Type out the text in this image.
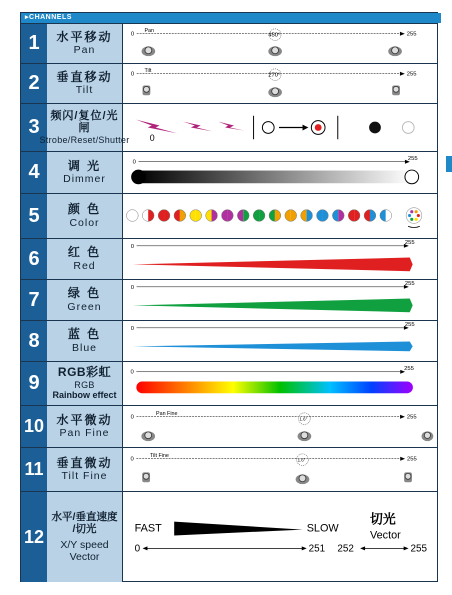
▸CHANNELS
1	水平移动
Pan
0	255
Pan
450°
2	垂直移动
Tilt
0	255
Tilt
270°
3
频闪/复位/光闸
Strobe/Reset/Shutter 0
4	调 光
Dimmer
0
255
5	颜 色
Color
6	红 色
Red
0
255
7	绿 色
Green
0
255
8	蓝 色
Blue
0
255
9	RGB彩虹
RGB
Rainbow effect
0
255
10 水平微动
Pan Fine
0	255
Pan Fine
1.6°
11 垂直微动
Tilt Fine
0	255
Tilt Fine
1.6°
12
水平/垂直速度
/切光
X/Y speed
Vector
FAST	SLOW
切光
Vector
0	251 252	255
